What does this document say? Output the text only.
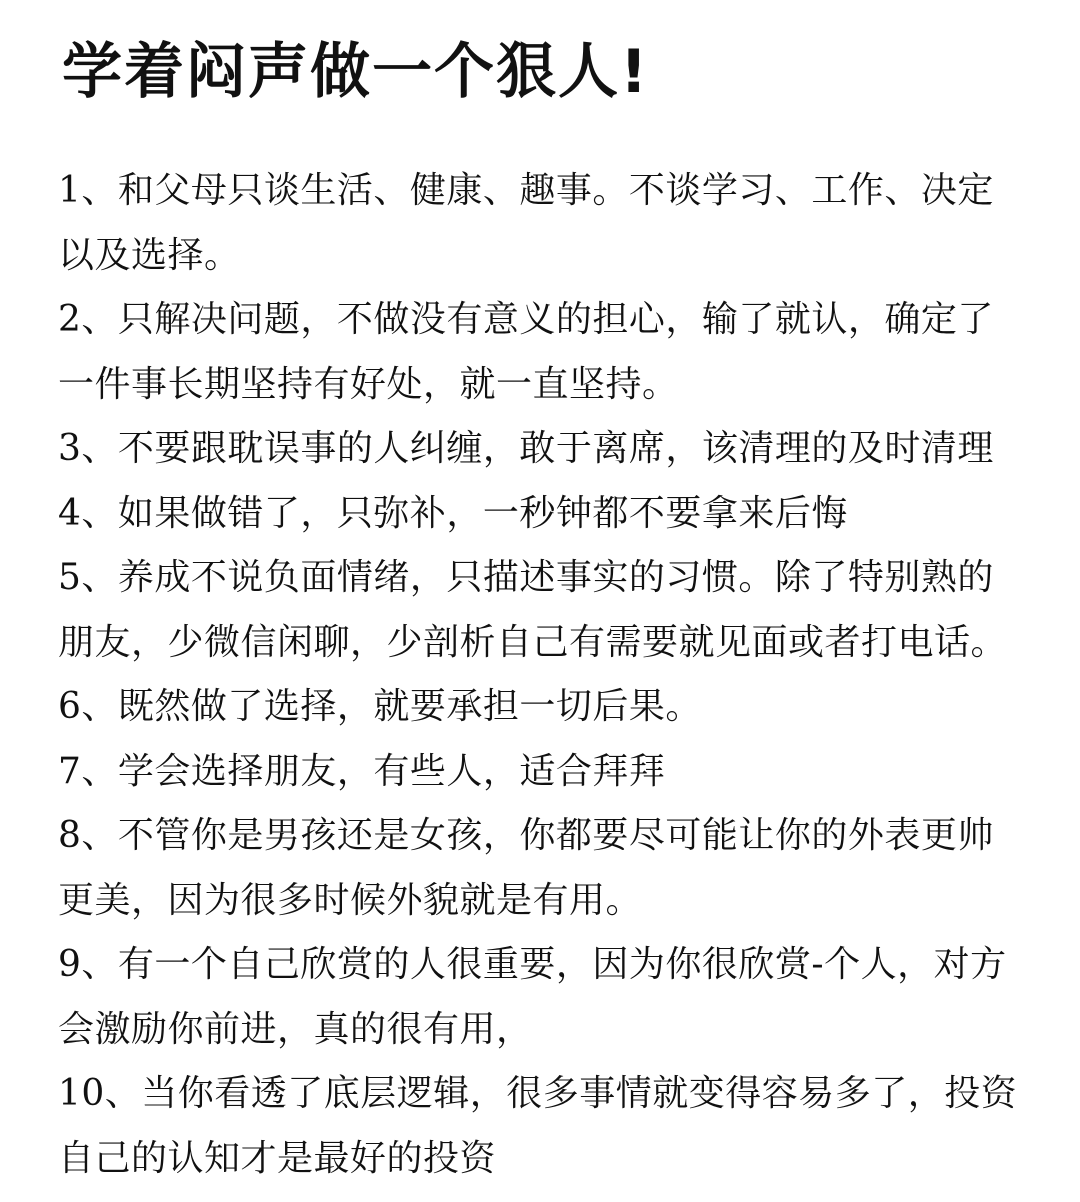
学着闷声做一个狠人!
1、和父母只谈生活、健康、趣事。不谈学习、工作、决定
以及选择。
2、只解决问题，不做没有意义的担心，输了就认，确定了
一件事长期坚持有好处，就一直坚持。
3、不要跟耽误事的人纠缠，敢于离席，该清理的及时清理
4、如果做错了，只弥补，一秒钟都不要拿来后悔
5、养成不说负面情绪，只描述事实的习惯。除了特别熟的
朋友，少微信闲聊，少剖析自己有需要就见面或者打电话。
6、既然做了选择，就要承担一切后果。
7、学会选择朋友，有些人，适合拜拜
8、不管你是男孩还是女孩，你都要尽可能让你的外表更帅
更美，因为很多时候外貌就是有用。
9、有一个自己欣赏的人很重要，因为你很欣赏-个人，对方
会激励你前进，真的很有用，
10、当你看透了底层逻辑，很多事情就变得容易多了，投资
自己的认知才是最好的投资
